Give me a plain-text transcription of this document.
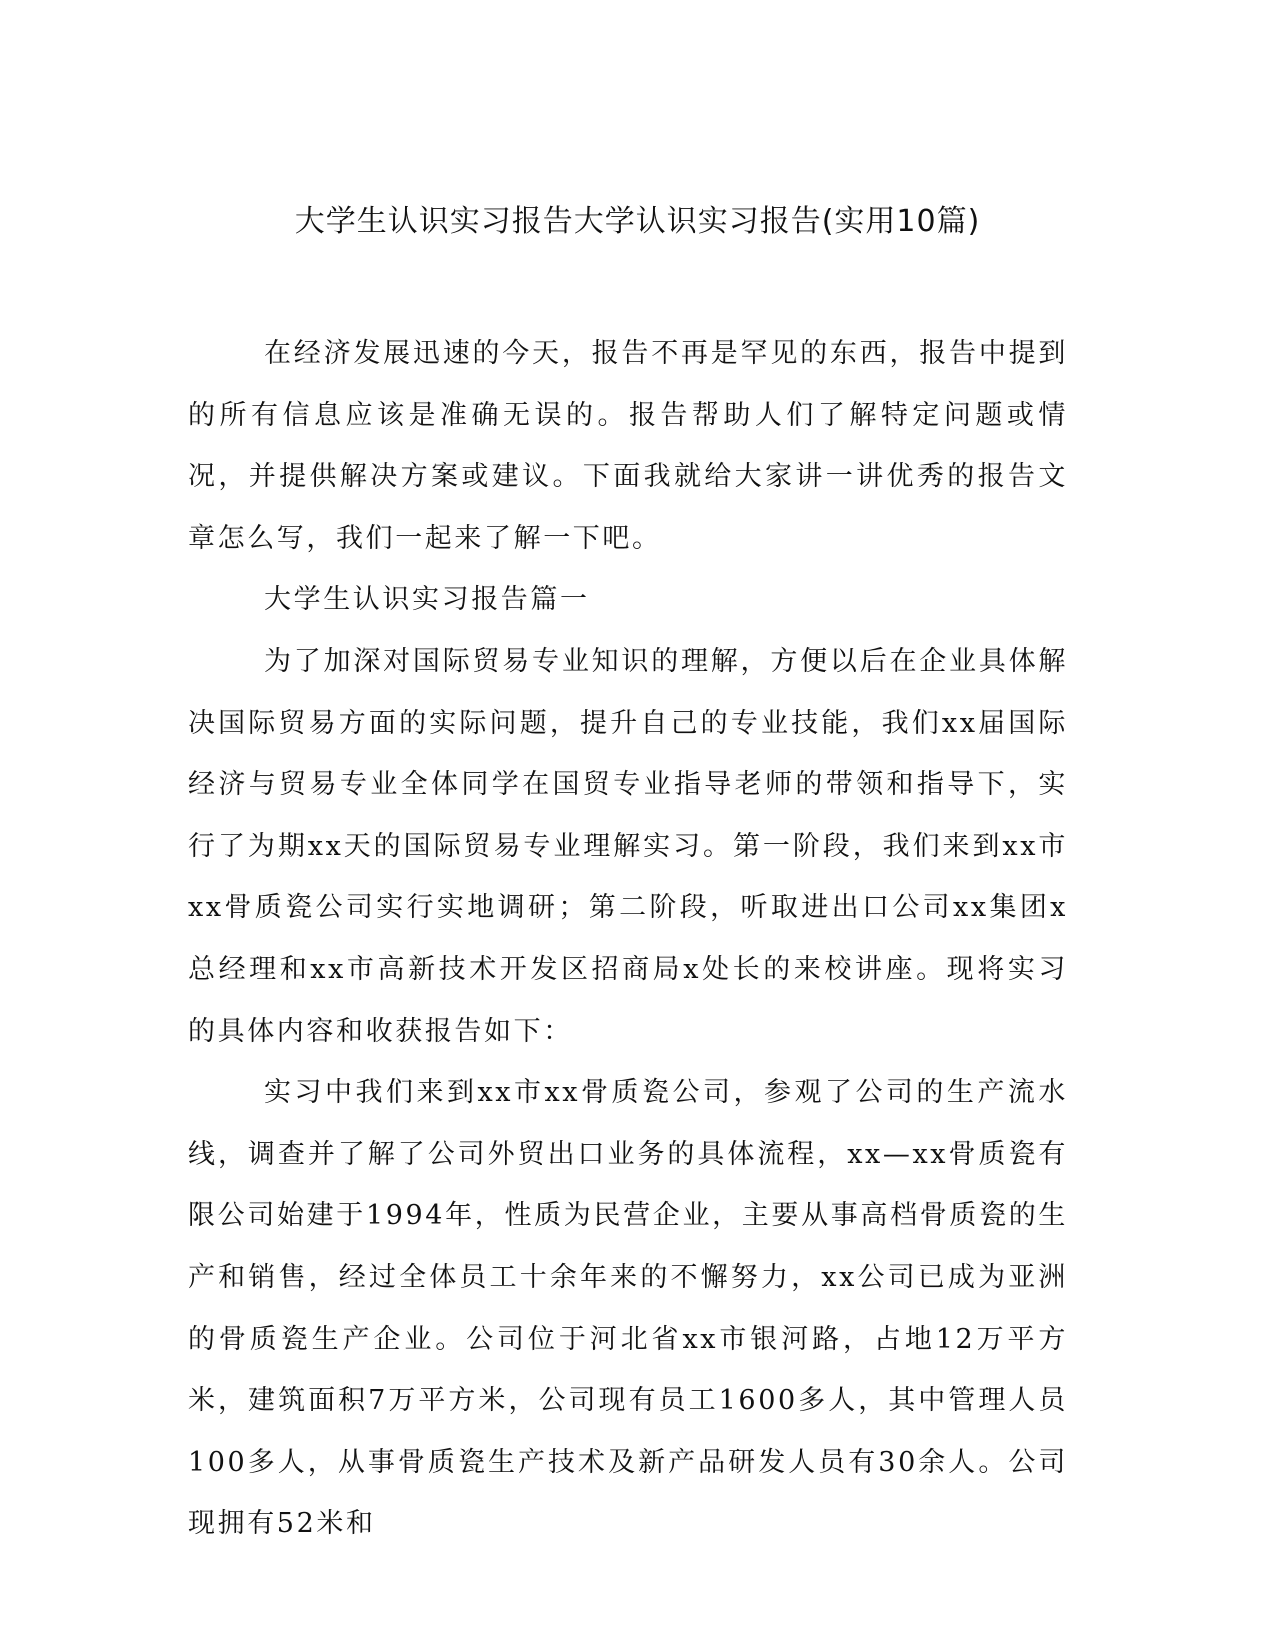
大学生认识实习报告大学认识实习报告(实用10篇)

在经济发展迅速的今天，报告不再是罕见的东西，报告中提到的所有信息应该是准确无误的。报告帮助人们了解特定问题或情况，并提供解决方案或建议。下面我就给大家讲一讲优秀的报告文章怎么写，我们一起来了解一下吧。

大学生认识实习报告篇一

为了加深对国际贸易专业知识的理解，方便以后在企业具体解决国际贸易方面的实际问题，提升自己的专业技能，我们xx届国际经济与贸易专业全体同学在国贸专业指导老师的带领和指导下，实行了为期xx天的国际贸易专业理解实习。第一阶段，我们来到xx市xx骨质瓷公司实行实地调研；第二阶段，听取进出口公司xx集团x总经理和xx市高新技术开发区招商局x处长的来校讲座。现将实习的具体内容和收获报告如下：

实习中我们来到xx市xx骨质瓷公司，参观了公司的生产流水线，调查并了解了公司外贸出口业务的具体流程，xx—xx骨质瓷有限公司始建于1994年，性质为民营企业，主要从事高档骨质瓷的生产和销售，经过全体员工十余年来的不懈努力，xx公司已成为亚洲的骨质瓷生产企业。公司位于河北省xx市银河路，占地12万平方米，建筑面积7万平方米，公司现有员工1600多人，其中管理人员100多人，从事骨质瓷生产技术及新产品研发人员有30余人。公司现拥有52米和
